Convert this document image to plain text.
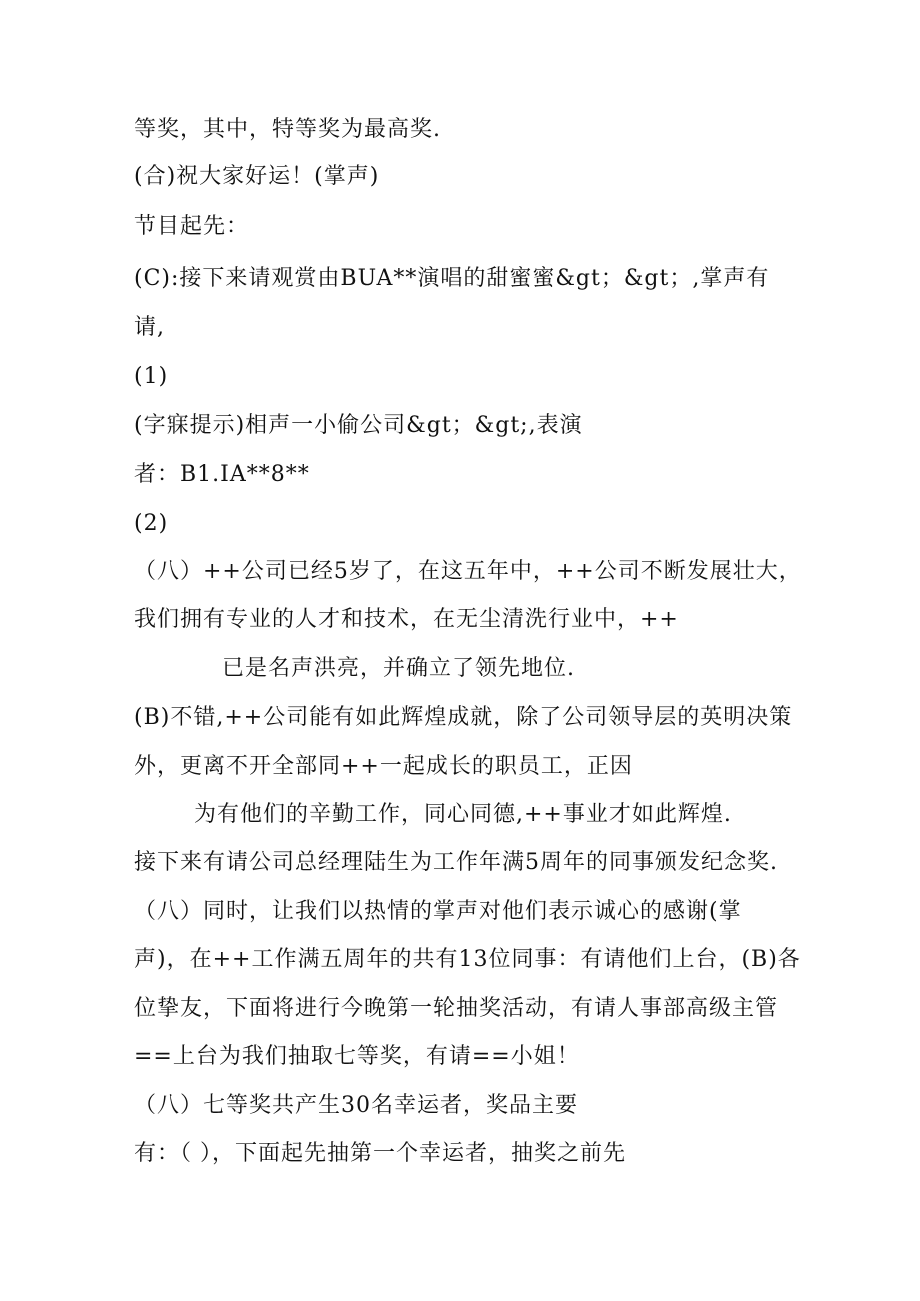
等奖，其中，特等奖为最高奖.
(合)祝大家好运！(掌声)
节目起先：
(C):接下来请观赏由BUA**演唱的甜蜜蜜&gt；&gt；,掌声有
请,
(1)
(字寐提示)相声一小偷公司&gt；&gt;,表演
者：B1.IA**8**
(2)
（八）++公司已经5岁了，在这五年中，++公司不断发展壮大，
我们拥有专业的人才和技术，在无尘清洗行业中，++
已是名声洪亮，并确立了领先地位.
(B)不错,++公司能有如此辉煌成就，除了公司领导层的英明决策
外，更离不开全部同++一起成长的职员工，正因
为有他们的辛勤工作，同心同德,++事业才如此辉煌.
接下来有请公司总经理陆生为工作年满5周年的同事颁发纪念奖.
（八）同时，让我们以热情的掌声对他们表示诚心的感谢(掌
声)，在++工作满五周年的共有13位同事：有请他们上台，(B)各
位挚友，下面将进行今晚第一轮抽奖活动，有请人事部高级主管
==上台为我们抽取七等奖，有请==小姐！
（八）七等奖共产生30名幸运者，奖品主要
有：（ ），下面起先抽第一个幸运者，抽奖之前先
